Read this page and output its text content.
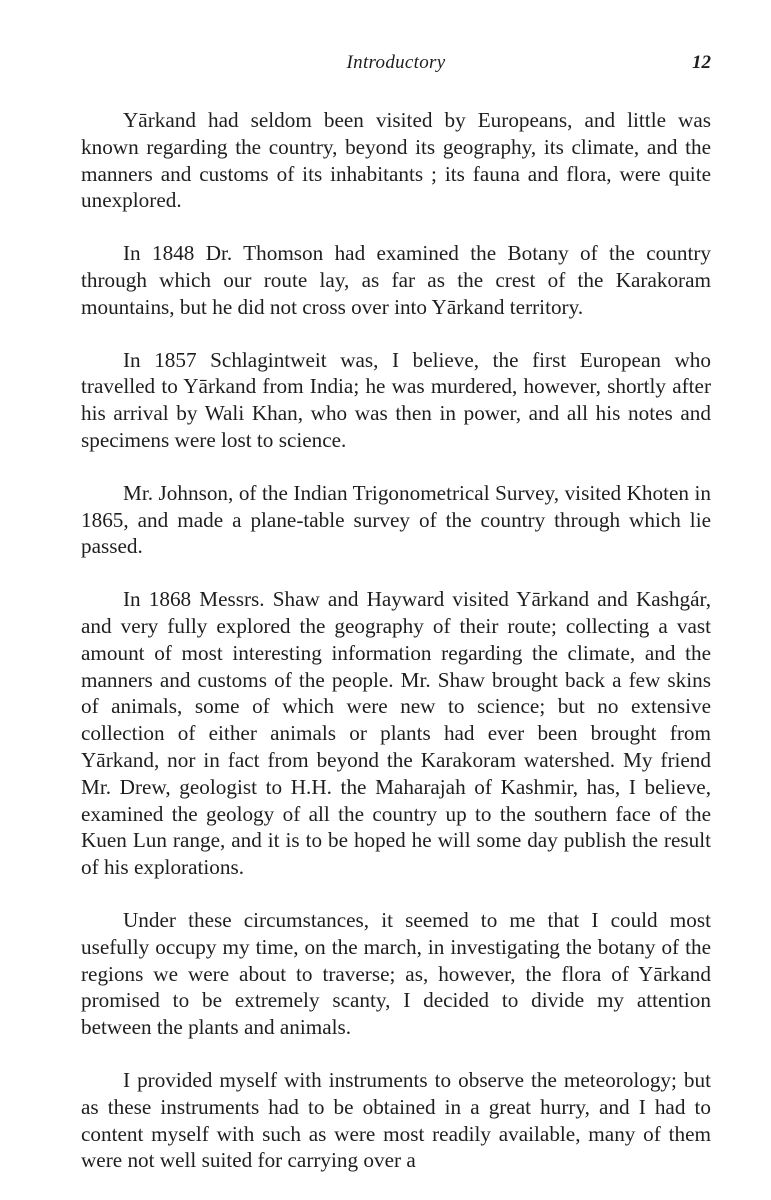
Introductory	12

Yārkand had seldom been visited by Europeans, and little was known regarding the country, beyond its geography, its climate, and the manners and customs of its inhabitants ; its fauna and flora, were quite unexplored.

In 1848 Dr. Thomson had examined the Botany of the country through which our route lay, as far as the crest of the Karakoram mountains, but he did not cross over into Yārkand territory.

In 1857 Schlagintweit was, I believe, the first European who travelled to Yārkand from India; he was murdered, however, shortly after his arrival by Wali Khan, who was then in power, and all his notes and specimens were lost to science.

Mr. Johnson, of the Indian Trigonometrical Survey, visited Khoten in 1865, and made a plane-table survey of the country through which lie passed.

In 1868 Messrs. Shaw and Hayward visited Yārkand and Kashgár, and very fully explored the geography of their route; collecting a vast amount of most interesting information regarding the climate, and the manners and customs of the people. Mr. Shaw brought back a few skins of animals, some of which were new to science; but no extensive collection of either animals or plants had ever been brought from Yārkand, nor in fact from beyond the Karakoram watershed. My friend Mr. Drew, geologist to H.H. the Maharajah of Kashmir, has, I believe, examined the geology of all the country up to the southern face of the Kuen Lun range, and it is to be hoped he will some day publish the result of his explorations.

Under these circumstances, it seemed to me that I could most usefully occupy my time, on the march, in investigating the botany of the regions we were about to traverse; as, however, the flora of Yārkand promised to be extremely scanty, I decided to divide my attention between the plants and animals.

I provided myself with instruments to observe the meteorology; but as these instruments had to be obtained in a great hurry, and I had to content myself with such as were most readily available, many of them were not well suited for carrying over a
